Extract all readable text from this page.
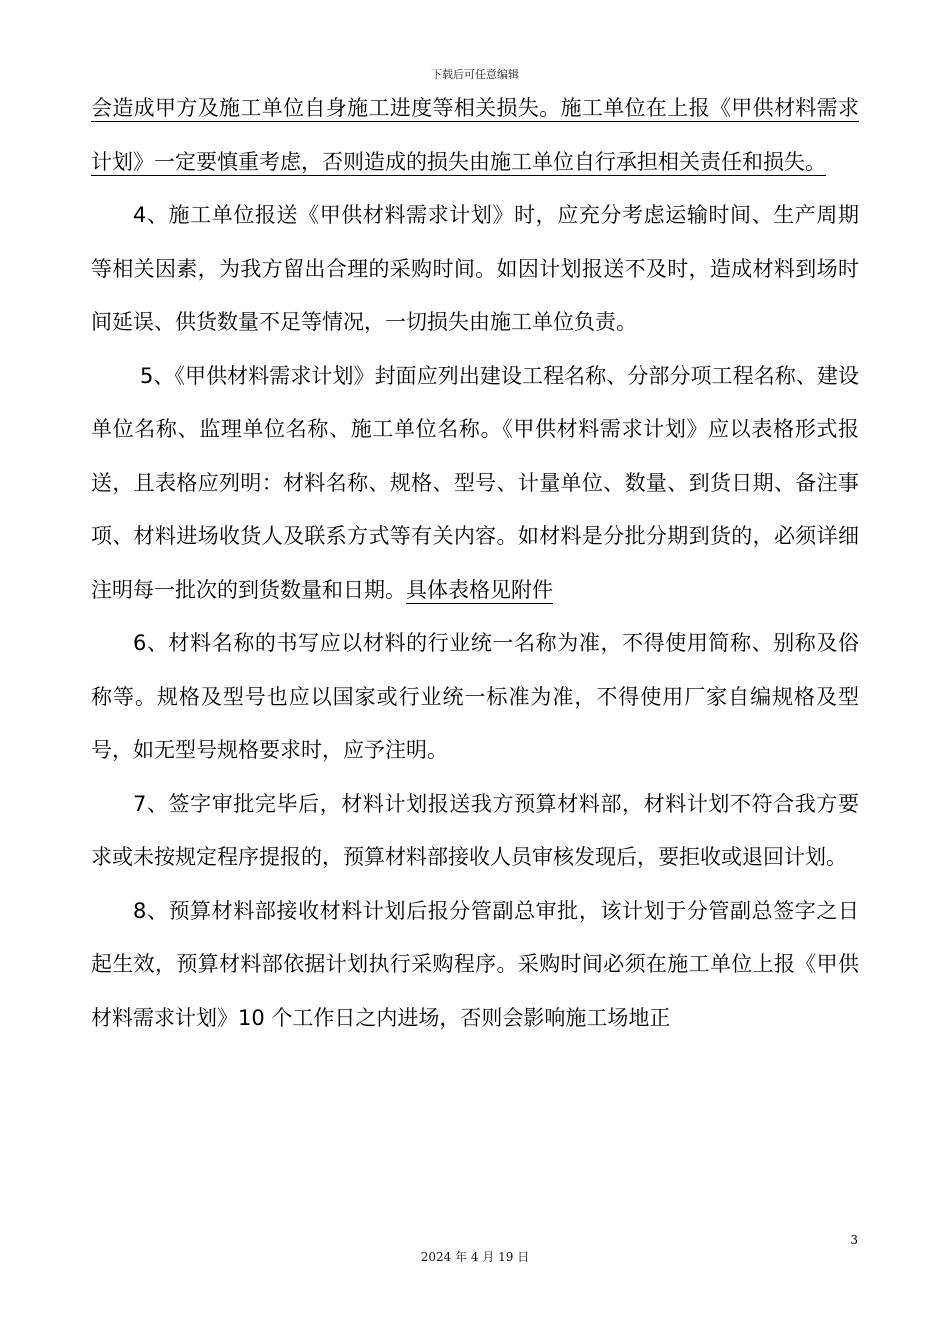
下载后可任意编辑

会造成甲方及施工单位自身施工进度等相关损失。施工单位在上报《甲供材料需求计划》一定要慎重考虑，否则造成的损失由施工单位自行承担相关责任和损失。

4、施工单位报送《甲供材料需求计划》时，应充分考虑运输时间、生产周期等相关因素，为我方留出合理的采购时间。如因计划报送不及时，造成材料到场时间延误、供货数量不足等情况，一切损失由施工单位负责。

5、《甲供材料需求计划》封面应列出建设工程名称、分部分项工程名称、建设单位名称、监理单位名称、施工单位名称。《甲供材料需求计划》应以表格形式报送，且表格应列明：材料名称、规格、型号、计量单位、数量、到货日期、备注事项、材料进场收货人及联系方式等有关内容。如材料是分批分期到货的，必须详细注明每一批次的到货数量和日期。具体表格见附件

6、材料名称的书写应以材料的行业统一名称为准，不得使用简称、别称及俗称等。规格及型号也应以国家或行业统一标准为准，不得使用厂家自编规格及型号，如无型号规格要求时，应予注明。

7、签字审批完毕后，材料计划报送我方预算材料部，材料计划不符合我方要求或未按规定程序提报的，预算材料部接收人员审核发现后，要拒收或退回计划。

8、预算材料部接收材料计划后报分管副总审批，该计划于分管副总签字之日起生效，预算材料部依据计划执行采购程序。采购时间必须在施工单位上报《甲供材料需求计划》10 个工作日之内进场，否则会影响施工场地正

3
2024 年 4 月 19 日
